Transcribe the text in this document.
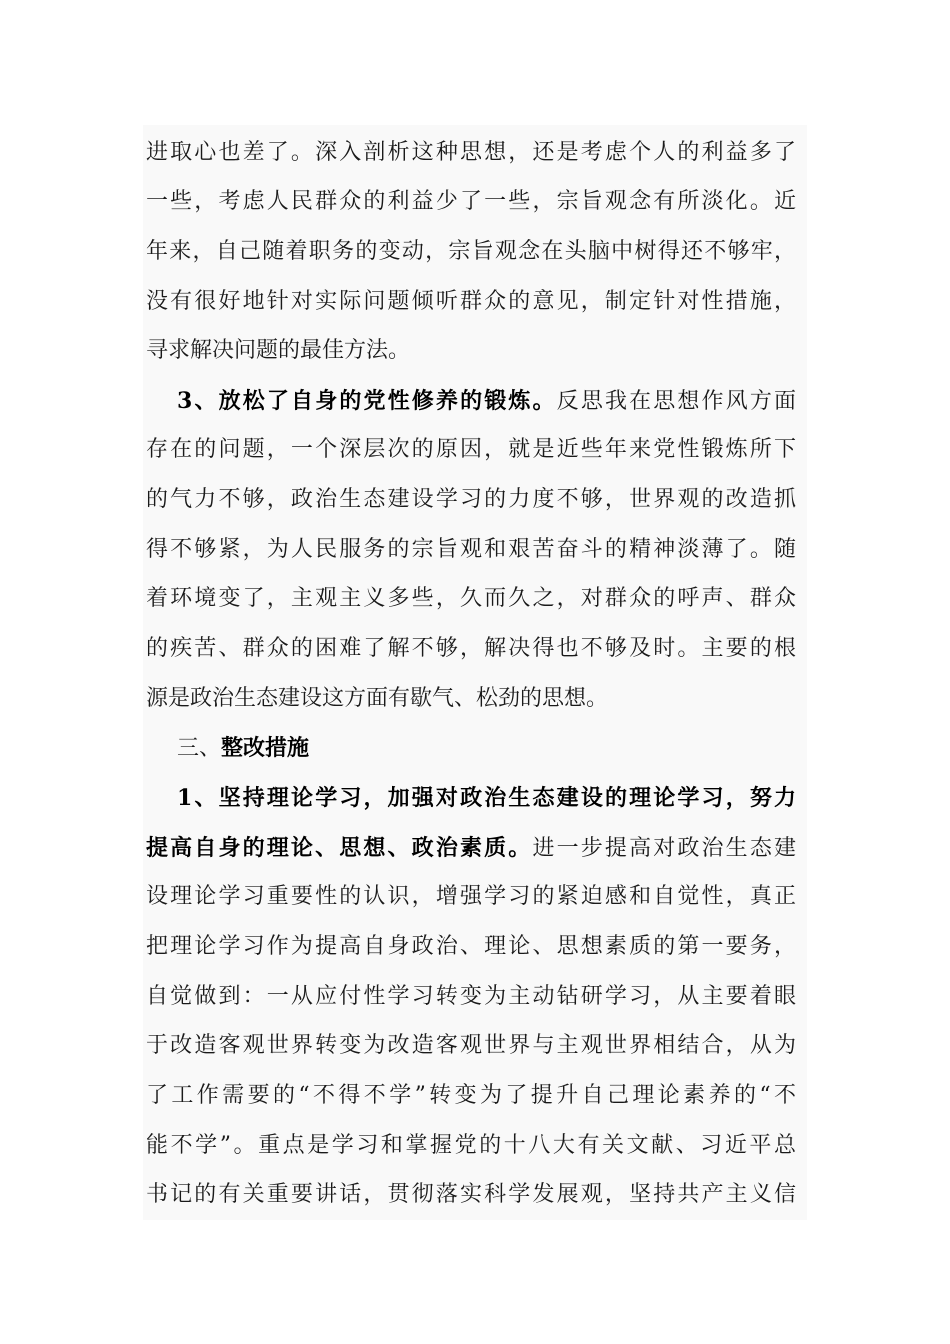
进取心也差了。深入剖析这种思想，还是考虑个人的利益多了
一些，考虑人民群众的利益少了一些，宗旨观念有所淡化。近
年来，自己随着职务的变动，宗旨观念在头脑中树得还不够牢，
没有很好地针对实际问题倾听群众的意见，制定针对性措施，
寻求解决问题的最佳方法。
3、放松了自身的党性修养的锻炼。反思我在思想作风方面
存在的问题，一个深层次的原因，就是近些年来党性锻炼所下
的气力不够，政治生态建设学习的力度不够，世界观的改造抓
得不够紧，为人民服务的宗旨观和艰苦奋斗的精神淡薄了。随
着环境变了，主观主义多些，久而久之，对群众的呼声、群众
的疾苦、群众的困难了解不够，解决得也不够及时。主要的根
源是政治生态建设这方面有歇气、松劲的思想。
三、整改措施
1、坚持理论学习，加强对政治生态建设的理论学习，努力
提高自身的理论、思想、政治素质。进一步提高对政治生态建
设理论学习重要性的认识，增强学习的紧迫感和自觉性，真正
把理论学习作为提高自身政治、理论、思想素质的第一要务，
自觉做到：一从应付性学习转变为主动钻研学习，从主要着眼
于改造客观世界转变为改造客观世界与主观世界相结合，从为
了工作需要的“不得不学”转变为了提升自己理论素养的“不
能不学”。重点是学习和掌握党的十八大有关文献、习近平总
书记的有关重要讲话，贯彻落实科学发展观，坚持共产主义信
